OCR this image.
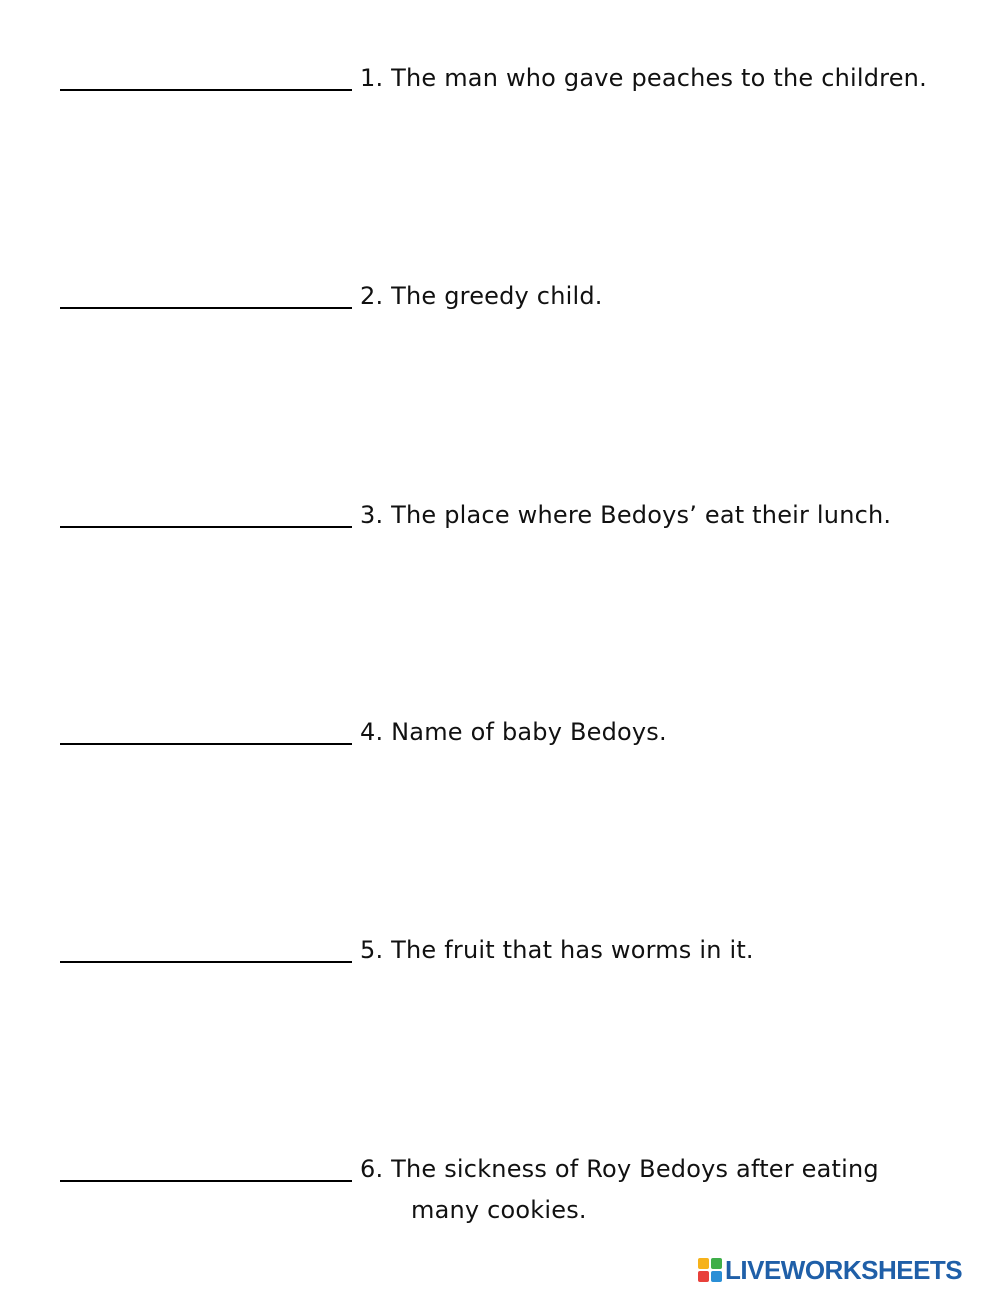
1. The man who gave peaches to the children.
2. The greedy child.
3. The place where Bedoys’ eat their lunch.
4. Name of baby Bedoys.
5. The fruit that has worms in it.
6. The sickness of Roy Bedoys after eating
many cookies.
LIVEWORKSHEETS
